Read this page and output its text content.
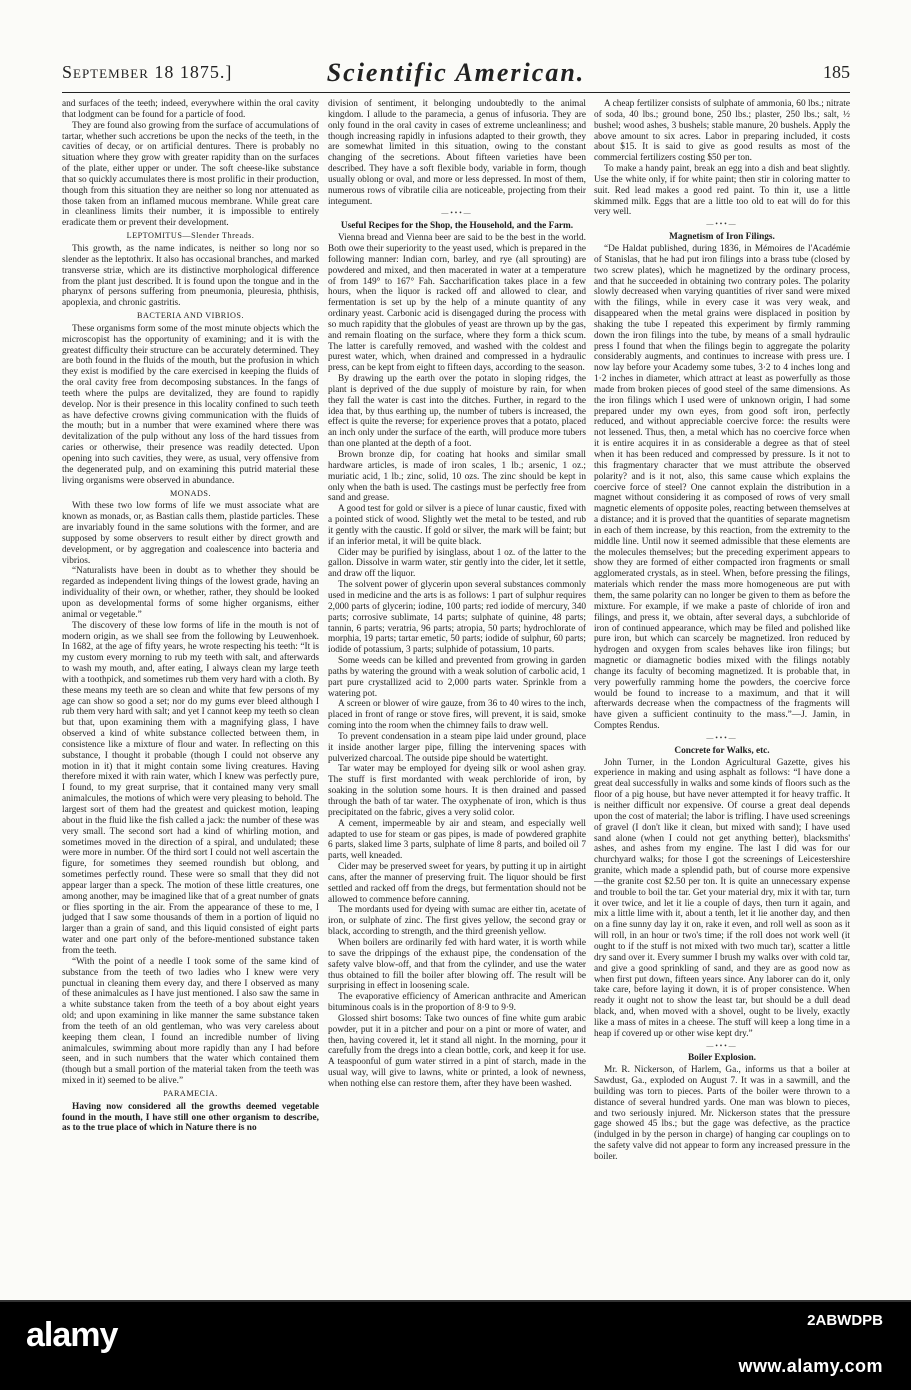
September 18 1875.]	Scientific American.	185

and surfaces of the teeth; indeed, everywhere within the oral cavity that lodgment can be found for a particle of food.

They are found also growing from the surface of accumulations of tartar, whether such accretions be upon the necks of the teeth, in the cavities of decay, or on artificial dentures. There is probably no situation where they grow with greater rapidity than on the surfaces of the plate, either upper or under. The soft cheese-like substance that so quickly accumulates there is most prolific in their production, though from this situation they are neither so long nor attenuated as those taken from an inflamed mucous membrane. While great care in cleanliness limits their number, it is impossible to entirely eradicate them or prevent their development.

LEPTOMITUS—Slender Threads.

This growth, as the name indicates, is neither so long nor so slender as the leptothrix. It also has occasional branches, and marked transverse striæ, which are its distinctive morphological difference from the plant just described. It is found upon the tongue and in the pharynx of persons suffering from pneumonia, pleuresia, phthisis, apoplexia, and chronic gastritis.

BACTERIA AND VIBRIOS.

These organisms form some of the most minute objects which the microscopist has the opportunity of examining; and it is with the greatest difficulty their structure can be accurately determined. They are both found in the fluids of the mouth, but the profusion in which they exist is modified by the care exercised in keeping the fluids of the oral cavity free from decomposing substances. In the fangs of teeth where the pulps are devitalized, they are found to rapidly develop. Nor is their presence in this locality confined to such teeth as have defective crowns giving communication with the fluids of the mouth; but in a number that were examined where there was devitalization of the pulp without any loss of the hard tissues from caries or otherwise, their presence was readily detected. Upon opening into such cavities, they were, as usual, very offensive from the degenerated pulp, and on examining this putrid material these living organisms were observed in abundance.

MONADS.

With these two low forms of life we must associate what are known as monads, or, as Bastian calls them, plastide particles. These are invariably found in the same solutions with the former, and are supposed by some observers to result either by direct growth and development, or by aggregation and coalescence into bacteria and vibrios.

“Naturalists have been in doubt as to whether they should be regarded as independent living things of the lowest grade, having an individuality of their own, or whether, rather, they should be looked upon as developmental forms of some higher organisms, either animal or vegetable.”

The discovery of these low forms of life in the mouth is not of modern origin, as we shall see from the following by Leuwenhoek. In 1682, at the age of fifty years, he wrote respecting his teeth: “It is my custom every morning to rub my teeth with salt, and afterwards to wash my mouth, and, after eating, I always clean my large teeth with a toothpick, and sometimes rub them very hard with a cloth. By these means my teeth are so clean and white that few persons of my age can show so good a set; nor do my gums ever bleed although I rub them very hard with salt; and yet I cannot keep my teeth so clean but that, upon examining them with a magnifying glass, I have observed a kind of white substance collected between them, in consistence like a mixture of flour and water. In reflecting on this substance, I thought it probable (though I could not observe any motion in it) that it might contain some living creatures. Having therefore mixed it with rain water, which I knew was perfectly pure, I found, to my great surprise, that it contained many very small animalcules, the motions of which were very pleasing to behold. The largest sort of them had the greatest and quickest motion, leaping about in the fluid like the fish called a jack: the number of these was very small. The second sort had a kind of whirling motion, and sometimes moved in the direction of a spiral, and undulated; these were more in number. Of the third sort I could not well ascertain the figure, for sometimes they seemed roundish but oblong, and sometimes perfectly round. These were so small that they did not appear larger than a speck. The motion of these little creatures, one among another, may be imagined like that of a great number of gnats or flies sporting in the air. From the appearance of these to me, I judged that I saw some thousands of them in a portion of liquid no larger than a grain of sand, and this liquid consisted of eight parts water and one part only of the before-mentioned substance taken from the teeth.

“With the point of a needle I took some of the same kind of substance from the teeth of two ladies who I knew were very punctual in cleaning them every day, and there I observed as many of these animalcules as I have just mentioned. I also saw the same in a white substance taken from the teeth of a boy about eight years old; and upon examining in like manner the same substance taken from the teeth of an old gentleman, who was very careless about keeping them clean, I found an incredible number of living animalcules, swimming about more rapidly than any I had before seen, and in such numbers that the water which contained them (though but a small portion of the material taken from the teeth was mixed in it) seemed to be alive.”

PARAMECIA.

Having now considered all the growths deemed vegetable found in the mouth, I have still one other organism to describe, as to the true place of which in Nature there is no

division of sentiment, it belonging undoubtedly to the animal kingdom. I allude to the paramecia, a genus of infusoria. They are only found in the oral cavity in cases of extreme uncleanliness; and though increasing rapidly in infusions adapted to their growth, they are somewhat limited in this situation, owing to the constant changing of the secretions. About fifteen varieties have been described. They have a soft flexible body, variable in form, though usually oblong or oval, and more or less depressed. In most of them, numerous rows of vibratile cilia are noticeable, projecting from their integument.

—•••—
Useful Recipes for the Shop, the Household, and the Farm.

Vienna bread and Vienna beer are said to be the best in the world. Both owe their superiority to the yeast used, which is prepared in the following manner: Indian corn, barley, and rye (all sprouting) are powdered and mixed, and then macerated in water at a temperature of from 149° to 167° Fah. Saccharification takes place in a few hours, when the liquor is racked off and allowed to clear, and fermentation is set up by the help of a minute quantity of any ordinary yeast. Carbonic acid is disengaged during the process with so much rapidity that the globules of yeast are thrown up by the gas, and remain floating on the surface, where they form a thick scum. The latter is carefully removed, and washed with the coldest and purest water, which, when drained and compressed in a hydraulic press, can be kept from eight to fifteen days, according to the season.

By drawing up the earth over the potato in sloping ridges, the plant is deprived of the due supply of moisture by rain, for when they fall the water is cast into the ditches. Further, in regard to the idea that, by thus earthing up, the number of tubers is increased, the effect is quite the reverse; for experience proves that a potato, placed an inch only under the surface of the earth, will produce more tubers than one planted at the depth of a foot.

Brown bronze dip, for coating hat hooks and similar small hardware articles, is made of iron scales, 1 lb.; arsenic, 1 oz.; muriatic acid, 1 lb.; zinc, solid, 10 ozs. The zinc should be kept in only when the bath is used. The castings must be perfectly free from sand and grease.

A good test for gold or silver is a piece of lunar caustic, fixed with a pointed stick of wood. Slightly wet the metal to be tested, and rub it gently with the caustic. If gold or silver, the mark will be faint; but if an inferior metal, it will be quite black.

Cider may be purified by isinglass, about 1 oz. of the latter to the gallon. Dissolve in warm water, stir gently into the cider, let it settle, and draw off the liquor.

The solvent power of glycerin upon several substances commonly used in medicine and the arts is as follows: 1 part of sulphur requires 2,000 parts of glycerin; iodine, 100 parts; red iodide of mercury, 340 parts; corrosive sublimate, 14 parts; sulphate of quinine, 48 parts; tannin, 6 parts; veratria, 96 parts; atropia, 50 parts; hydrochlorate of morphia, 19 parts; tartar emetic, 50 parts; iodide of sulphur, 60 parts; iodide of potassium, 3 parts; sulphide of potassium, 10 parts.

Some weeds can be killed and prevented from growing in garden paths by watering the ground with a weak solution of carbolic acid, 1 part pure crystallized acid to 2,000 parts water. Sprinkle from a watering pot.

A screen or blower of wire gauze, from 36 to 40 wires to the inch, placed in front of range or stove fires, will prevent, it is said, smoke coming into the room when the chimney fails to draw well.

To prevent condensation in a steam pipe laid under ground, place it inside another larger pipe, filling the intervening spaces with pulverized charcoal. The outside pipe should be watertight.

Tar water may be employed for dyeing silk or wool ashen gray. The stuff is first mordanted with weak perchloride of iron, by soaking in the solution some hours. It is then drained and passed through the bath of tar water. The oxyphenate of iron, which is thus precipitated on the fabric, gives a very solid color.

A cement, impermeable by air and steam, and especially well adapted to use for steam or gas pipes, is made of powdered graphite 6 parts, slaked lime 3 parts, sulphate of lime 8 parts, and boiled oil 7 parts, well kneaded.

Cider may be preserved sweet for years, by putting it up in airtight cans, after the manner of preserving fruit. The liquor should be first settled and racked off from the dregs, but fermentation should not be allowed to commence before canning.

The mordants used for dyeing with sumac are either tin, acetate of iron, or sulphate of zinc. The first gives yellow, the second gray or black, according to strength, and the third greenish yellow.

When boilers are ordinarily fed with hard water, it is worth while to save the drippings of the exhaust pipe, the condensation of the safety valve blow-off, and that from the cylinder, and use the water thus obtained to fill the boiler after blowing off. The result will be surprising in effect in loosening scale.

The evaporative efficiency of American anthracite and American bituminous coals is in the proportion of 8·9 to 9·9.

Glossed shirt bosoms: Take two ounces of fine white gum arabic powder, put it in a pitcher and pour on a pint or more of water, and then, having covered it, let it stand all night. In the morning, pour it carefully from the dregs into a clean bottle, cork, and keep it for use. A teaspoonful of gum water stirred in a pint of starch, made in the usual way, will give to lawns, white or printed, a look of newness, when nothing else can restore them, after they have been washed.

A cheap fertilizer consists of sulphate of ammonia, 60 lbs.; nitrate of soda, 40 lbs.; ground bone, 250 lbs.; plaster, 250 lbs.; salt, ½ bushel; wood ashes, 3 bushels; stable manure, 20 bushels. Apply the above amount to six acres. Labor in preparing included, it costs about $15. It is said to give as good results as most of the commercial fertilizers costing $50 per ton.

To make a handy paint, break an egg into a dish and beat slightly. Use the white only, if for white paint; then stir in coloring matter to suit. Red lead makes a good red paint. To thin it, use a little skimmed milk. Eggs that are a little too old to eat will do for this very well.

—•••—
Magnetism of Iron Filings.

“De Haldat published, during 1836, in Mémoires de l'Académie of Stanislas, that he had put iron filings into a brass tube (closed by two screw plates), which he magnetized by the ordinary process, and that he succeeded in obtaining two contrary poles. The polarity slowly decreased when varying quantities of river sand were mixed with the filings, while in every case it was very weak, and disappeared when the metal grains were displaced in position by shaking the tube I repeated this experiment by firmly ramming down the iron filings into the tube, by means of a small hydraulic press I found that when the filings begin to aggregate the polarity considerably augments, and continues to increase with press ure. I now lay before your Academy some tubes, 3·2 to 4 inches long and 1·2 inches in diameter, which attract at least as powerfully as those made from broken pieces of good steel of the same dimensions. As the iron filings which I used were of unknown origin, I had some prepared under my own eyes, from good soft iron, perfectly reduced, and without appreciable coercive force: the results were not lessened. Thus, then, a metal which has no coercive force when it is entire acquires it in as considerable a degree as that of steel when it has been reduced and compressed by pressure. Is it not to this fragmentary character that we must attribute the observed polarity? and is it not, also, this same cause which explains the coercive force of steel? One cannot explain the distribution in a magnet without considering it as composed of rows of very small magnetic elements of opposite poles, reacting between themselves at a distance; and it is proved that the quantities of separate magnetism in each of them increase, by this reaction, from the extremity to the middle line. Until now it seemed admissible that these elements are the molecules themselves; but the preceding experiment appears to show they are formed of either compacted iron fragments or small agglomerated crystals, as in steel. When, before pressing the filings, materials which render the mass more homogeneous are put with them, the same polarity can no longer be given to them as before the mixture. For example, if we make a paste of chloride of iron and filings, and press it, we obtain, after several days, a subchloride of iron of continued appearance, which may be filed and polished like pure iron, but which can scarcely be magnetized. Iron reduced by hydrogen and oxygen from scales behaves like iron filings; but magnetic or diamagnetic bodies mixed with the filings notably change its faculty of becoming magnetized. It is probable that, in very powerfully ramming home the powders, the coercive force would be found to increase to a maximum, and that it will afterwards decrease when the compactness of the fragments will have given a sufficient continuity to the mass.”—J. Jamin, in Comptes Rendus.

—•••—
Concrete for Walks, etc.

John Turner, in the London Agricultural Gazette, gives his experience in making and using asphalt as follows: “I have done a great deal successfully in walks and some kinds of floors such as the floor of a pig house, but have never attempted it for heavy traffic. It is neither difficult nor expensive. Of course a great deal depends upon the cost of material; the labor is trifling. I have used screenings of gravel (I don't like it clean, but mixed with sand); I have used sand alone (when I could not get anything better), blacksmiths' ashes, and ashes from my engine. The last I did was for our churchyard walks; for those I got the screenings of Leicestershire granite, which made a splendid path, but of course more expensive—the granite cost $2.50 per ton. It is quite an unnecessary expense and trouble to boil the tar. Get your material dry, mix it with tar, turn it over twice, and let it lie a couple of days, then turn it again, and mix a little lime with it, about a tenth, let it lie another day, and then on a fine sunny day lay it on, rake it even, and roll well as soon as it will roll, in an hour or two's time; if the roll does not work well (it ought to if the stuff is not mixed with two much tar), scatter a little dry sand over it. Every summer I brush my walks over with cold tar, and give a good sprinkling of sand, and they are as good now as when first put down, fifteen years since. Any laborer can do it, only take care, before laying it down, it is of proper consistence. When ready it ought not to show the least tar, but should be a dull dead black, and, when moved with a shovel, ought to be lively, exactly like a mass of mites in a cheese. The stuff will keep a long time in a heap if covered up or other wise kept dry.”

—•••—
Boiler Explosion.

Mr. R. Nickerson, of Harlem, Ga., informs us that a boiler at Sawdust, Ga., exploded on August 7. It was in a sawmill, and the building was torn to pieces. Parts of the boiler were thrown to a distance of several hundred yards. One man was blown to pieces, and two seriously injured. Mr. Nickerson states that the pressure gage showed 45 lbs.; but the gage was defective, as the practice (indulged in by the person in charge) of hanging car couplings on to the safety valve did not appear to form any increased pressure in the boiler.

alamy	2ABWDPB
www.alamy.com
